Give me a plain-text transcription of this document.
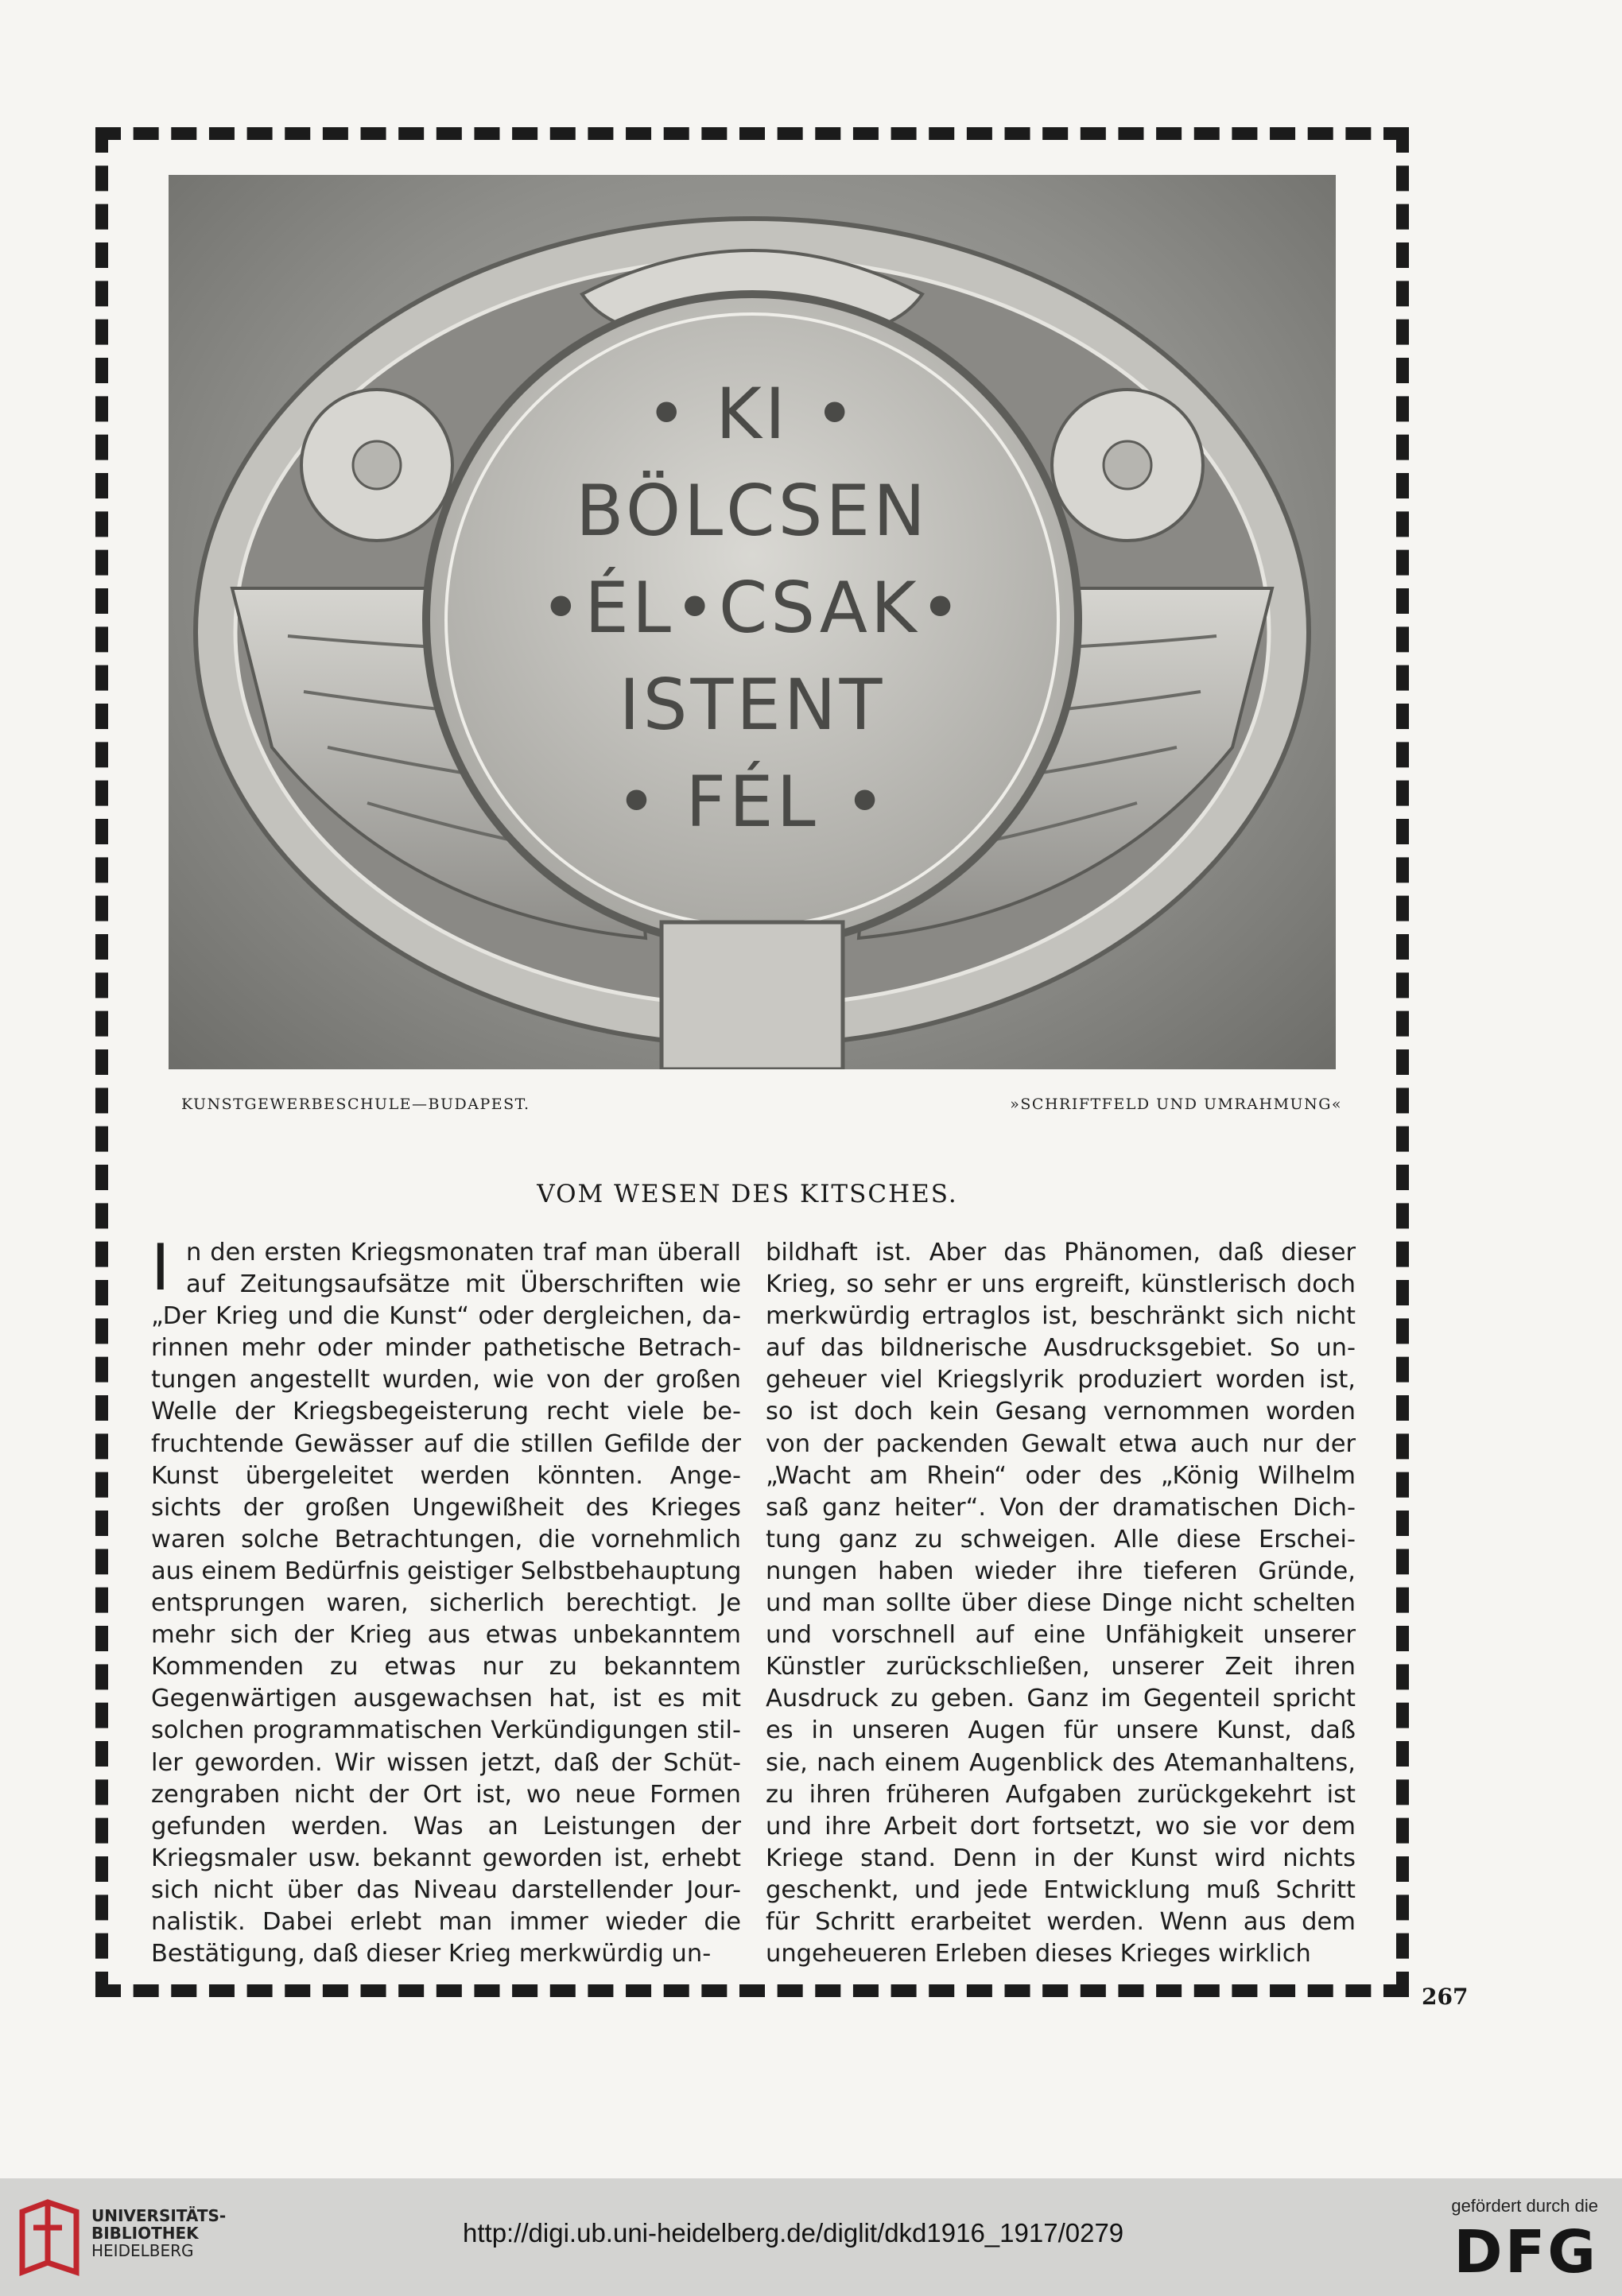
• KI •
BÖLCSEN
•ÉL•CSAK•
ISTENT
• FÉL •
KUNSTGEWERBESCHULE—BUDAPEST.	»SCHRIFTFELD UND UMRAHMUNG«
VOM WESEN DES KITSCHES.
I n den ersten Kriegsmonaten traf man überall
auf Zeitungsaufsätze mit Überschriften wie
„Der Krieg und die Kunst“ oder dergleichen, da-
rinnen mehr oder minder pathetische Betrach-
tungen angestellt wurden, wie von der großen
Welle der Kriegsbegeisterung recht viele be-
fruchtende Gewässer auf die stillen Gefilde der
Kunst übergeleitet werden könnten. Ange-
sichts der großen Ungewißheit des Krieges
waren solche Betrachtungen, die vornehmlich
aus einem Bedürfnis geistiger Selbstbehauptung
entsprungen waren, sicherlich berechtigt. Je
mehr sich der Krieg aus etwas unbekanntem
Kommenden zu etwas nur zu bekanntem
Gegenwärtigen ausgewachsen hat, ist es mit
solchen programmatischen Verkündigungen stil-
ler geworden. Wir wissen jetzt, daß der Schüt-
zengraben nicht der Ort ist, wo neue Formen
gefunden werden. Was an Leistungen der
Kriegsmaler usw. bekannt geworden ist, erhebt
sich nicht über das Niveau darstellender Jour-
nalistik. Dabei erlebt man immer wieder die
Bestätigung, daß dieser Krieg merkwürdig un-
bildhaft ist. Aber das Phänomen, daß dieser
Krieg, so sehr er uns ergreift, künstlerisch doch
merkwürdig ertraglos ist, beschränkt sich nicht
auf das bildnerische Ausdrucksgebiet. So un-
geheuer viel Kriegslyrik produziert worden ist,
so ist doch kein Gesang vernommen worden
von der packenden Gewalt etwa auch nur der
„Wacht am Rhein“ oder des „König Wilhelm
saß ganz heiter“. Von der dramatischen Dich-
tung ganz zu schweigen. Alle diese Erschei-
nungen haben wieder ihre tieferen Gründe,
und man sollte über diese Dinge nicht schelten
und vorschnell auf eine Unfähigkeit unserer
Künstler zurückschließen, unserer Zeit ihren
Ausdruck zu geben. Ganz im Gegenteil spricht
es in unseren Augen für unsere Kunst, daß
sie, nach einem Augenblick des Atemanhaltens,
zu ihren früheren Aufgaben zurückgekehrt ist
und ihre Arbeit dort fortsetzt, wo sie vor dem
Kriege stand. Denn in der Kunst wird nichts
geschenkt, und jede Entwicklung muß Schritt
für Schritt erarbeitet werden. Wenn aus dem
ungeheueren Erleben dieses Krieges wirklich
267
UNIVERSITÄTS-
BIBLIOTHEK
HEIDELBERG
http://digi.ub.uni-heidelberg.de/diglit/dkd1916_1917/0279
gefördert durch die
DFG
